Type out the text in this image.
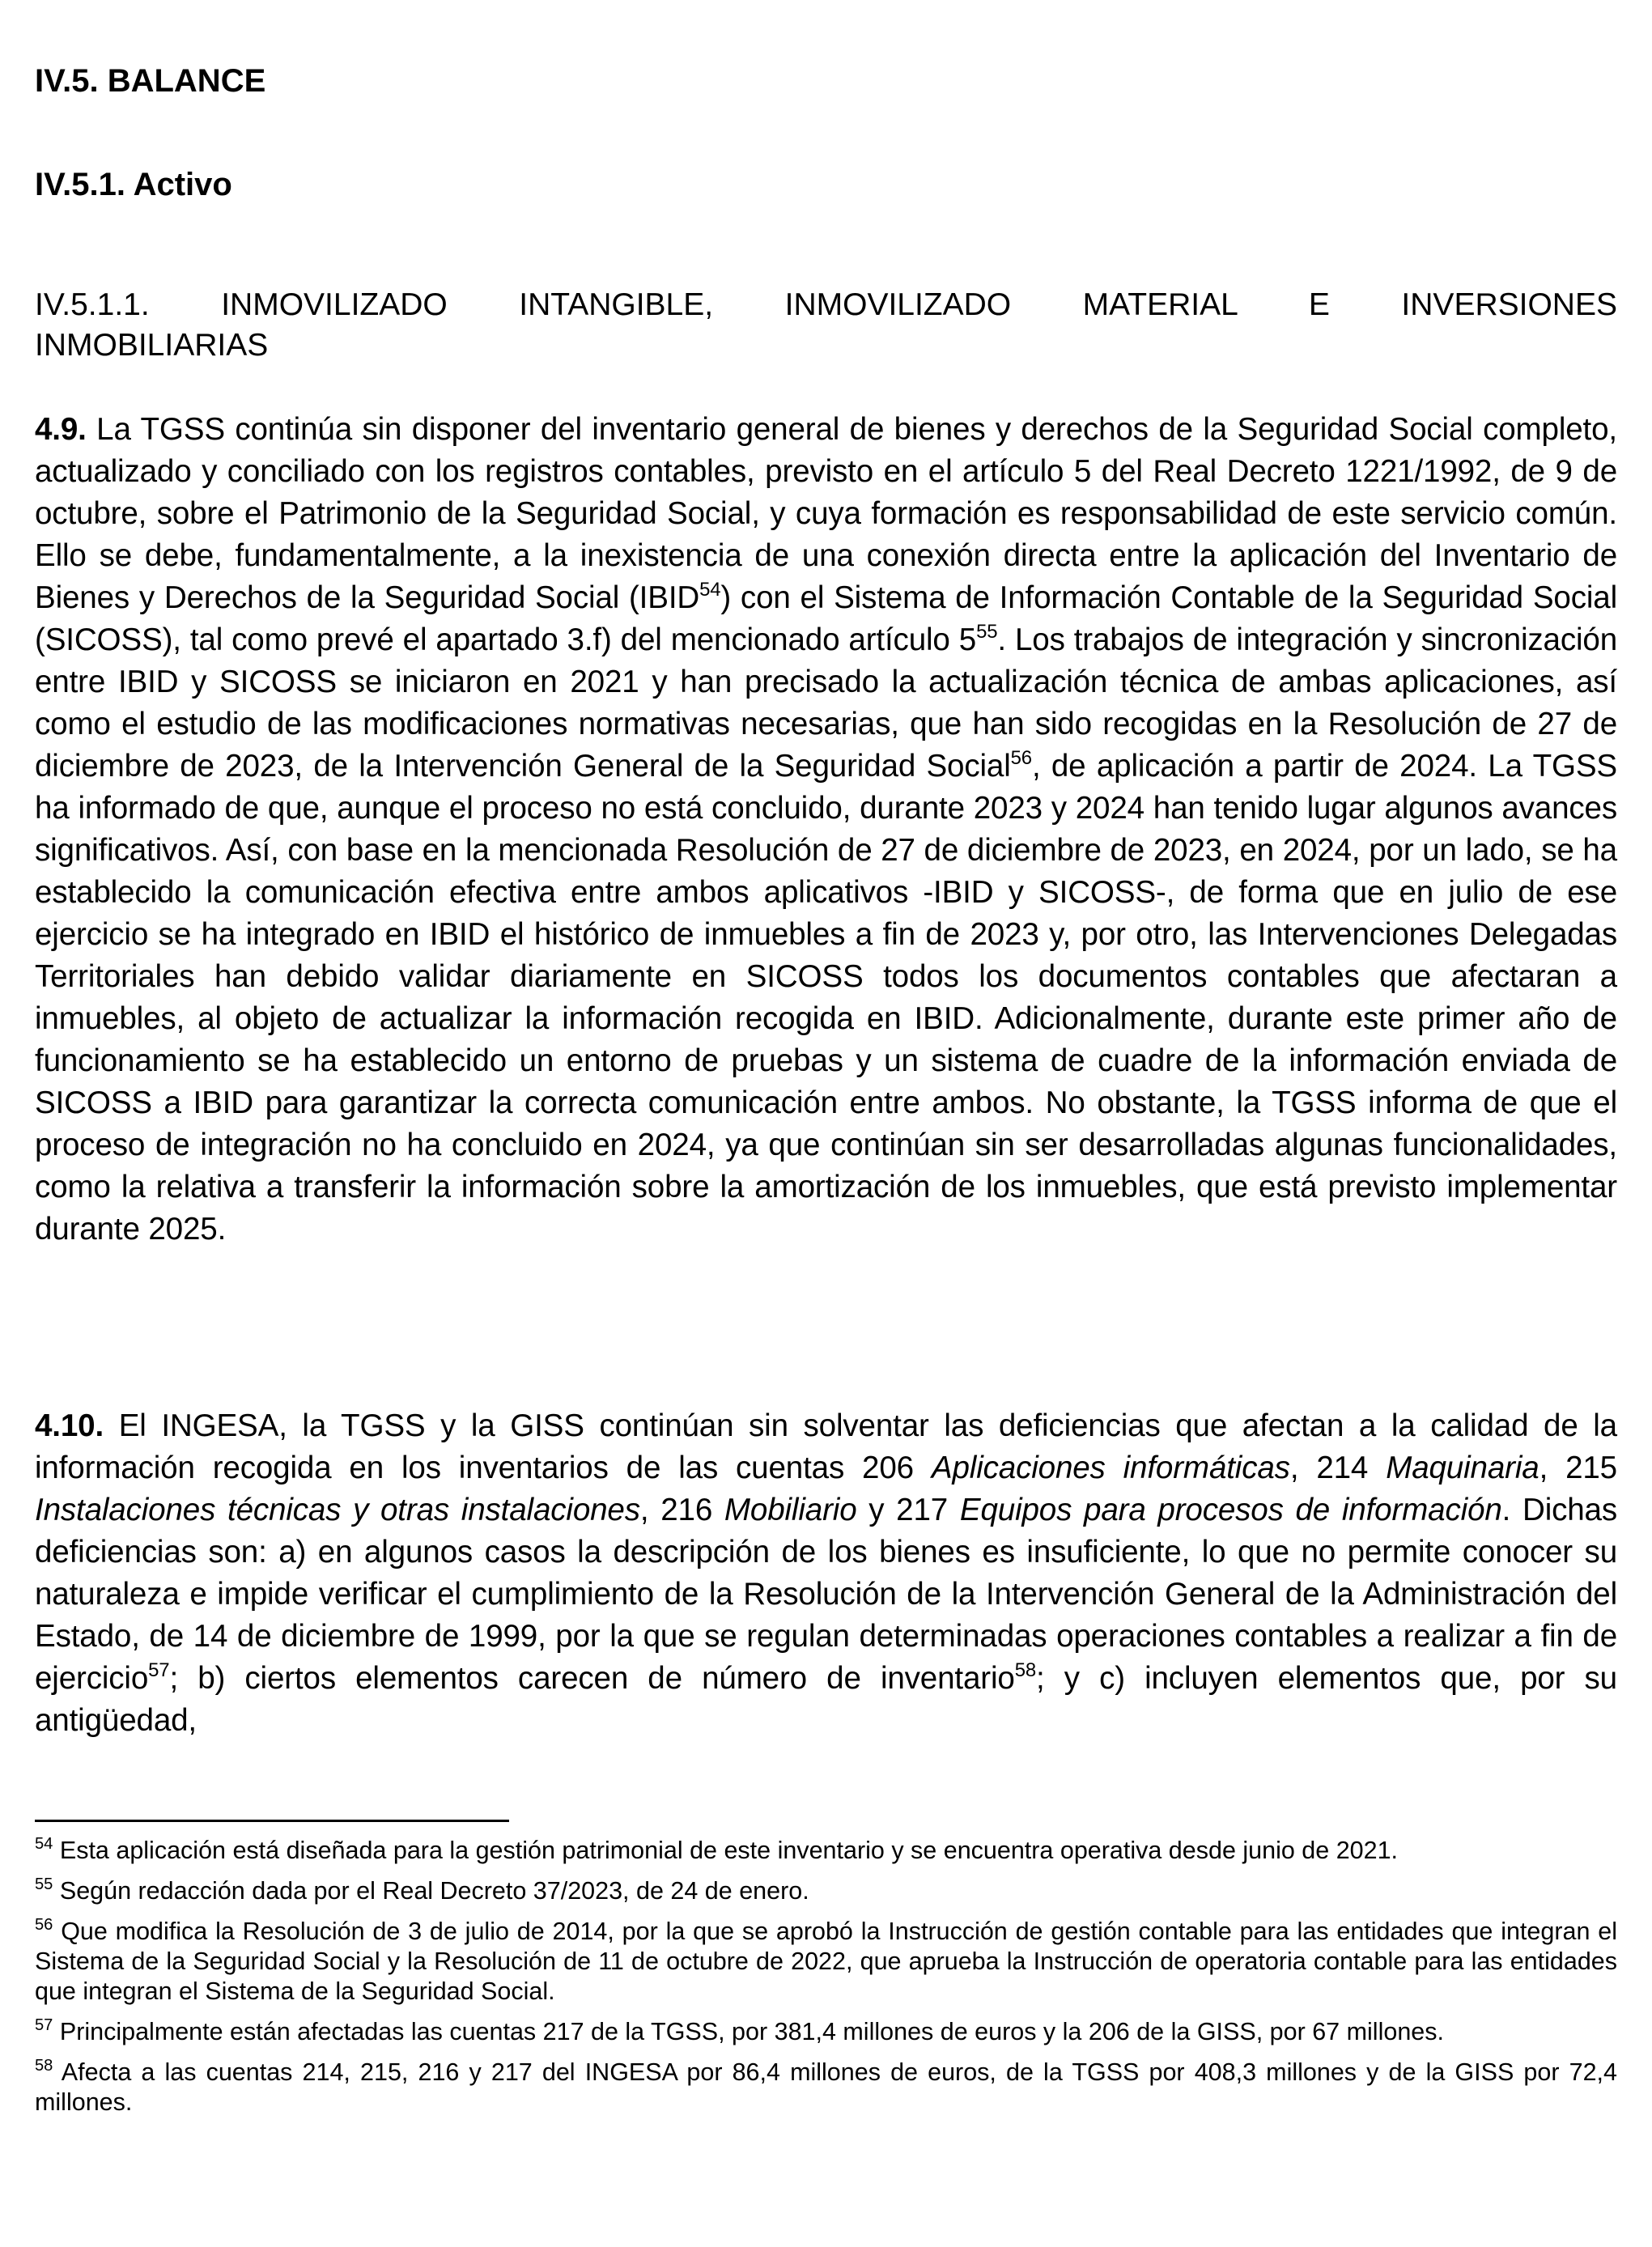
IV.5. BALANCE
IV.5.1. Activo
IV.5.1.1. INMOVILIZADO INTANGIBLE, INMOVILIZADO MATERIAL E INVERSIONES
INMOBILIARIAS

4.9. La TGSS continúa sin disponer del inventario general de bienes y derechos de la Seguridad Social completo, actualizado y conciliado con los registros contables, previsto en el artículo 5 del Real Decreto 1221/1992, de 9 de octubre, sobre el Patrimonio de la Seguridad Social, y cuya formación es responsabilidad de este servicio común. Ello se debe, fundamentalmente, a la inexistencia de una conexión directa entre la aplicación del Inventario de Bienes y Derechos de la Seguridad Social (IBID$^{54}$) con el Sistema de Información Contable de la Seguridad Social (SICOSS), tal como prevé el apartado 3.f) del mencionado artículo $5^{55}$. Los trabajos de integración y sincronización entre IBID y SICOSS se iniciaron en 2021 y han precisado la actualización técnica de ambas aplicaciones, así como el estudio de las modificaciones normativas necesarias, que han sido recogidas en la Resolución de 27 de diciembre de 2023, de la Intervención General de la Seguridad Social$^{56}$, de aplicación a partir de 2024. La TGSS ha informado de que, aunque el proceso no está concluido, durante 2023 y 2024 han tenido lugar algunos avances significativos. Así, con base en la mencionada Resolución de 27 de diciembre de 2023, en 2024, por un lado, se ha establecido la comunicación efectiva entre ambos aplicativos -IBID y SICOSS-, de forma que en julio de ese ejercicio se ha integrado en IBID el histórico de inmuebles a fin de 2023 y, por otro, las Intervenciones Delegadas Territoriales han debido validar diariamente en SICOSS todos los documentos contables que afectaran a inmuebles, al objeto de actualizar la información recogida en IBID. Adicionalmente, durante este primer año de funcionamiento se ha establecido un entorno de pruebas y un sistema de cuadre de la información enviada de SICOSS a IBID para garantizar la correcta comunicación entre ambos. No obstante, la TGSS informa de que el proceso de integración no ha concluido en 2024, ya que continúan sin ser desarrolladas algunas funcionalidades, como la relativa a transferir la información sobre la amortización de los inmuebles, que está previsto implementar durante 2025.

4.10. El INGESA, la TGSS y la GISS continúan sin solventar las deficiencias que afectan a la calidad de la información recogida en los inventarios de las cuentas 206 Aplicaciones informáticas, 214 Maquinaria, 215 Instalaciones técnicas y otras instalaciones, 216 Mobiliario y 217 Equipos para procesos de información. Dichas deficiencias son: a) en algunos casos la descripción de los bienes es insuficiente, lo que no permite conocer su naturaleza e impide verificar el cumplimiento de la Resolución de la Intervención General de la Administración del Estado, de 14 de diciembre de 1999, por la que se regulan determinadas operaciones contables a realizar a fin de ejercicio$^{57}$; b) ciertos elementos carecen de número de inventario$^{58}$; y c) incluyen elementos que, por su antigüedad,

$^{54}$ Esta aplicación está diseñada para la gestión patrimonial de este inventario y se encuentra operativa desde junio de 2021.

$^{55}$ Según redacción dada por el Real Decreto 37/2023, de 24 de enero.

$^{56}$ Que modifica la Resolución de 3 de julio de 2014, por la que se aprobó la Instrucción de gestión contable para las entidades que integran el Sistema de la Seguridad Social y la Resolución de 11 de octubre de 2022, que aprueba la Instrucción de operatoria contable para las entidades que integran el Sistema de la Seguridad Social.

$^{57}$ Principalmente están afectadas las cuentas 217 de la TGSS, por 381,4 millones de euros y la 206 de la GISS, por 67 millones.

$^{58}$ Afecta a las cuentas 214, 215, 216 y 217 del INGESA por 86,4 millones de euros, de la TGSS por 408,3 millones y de la GISS por 72,4 millones.
